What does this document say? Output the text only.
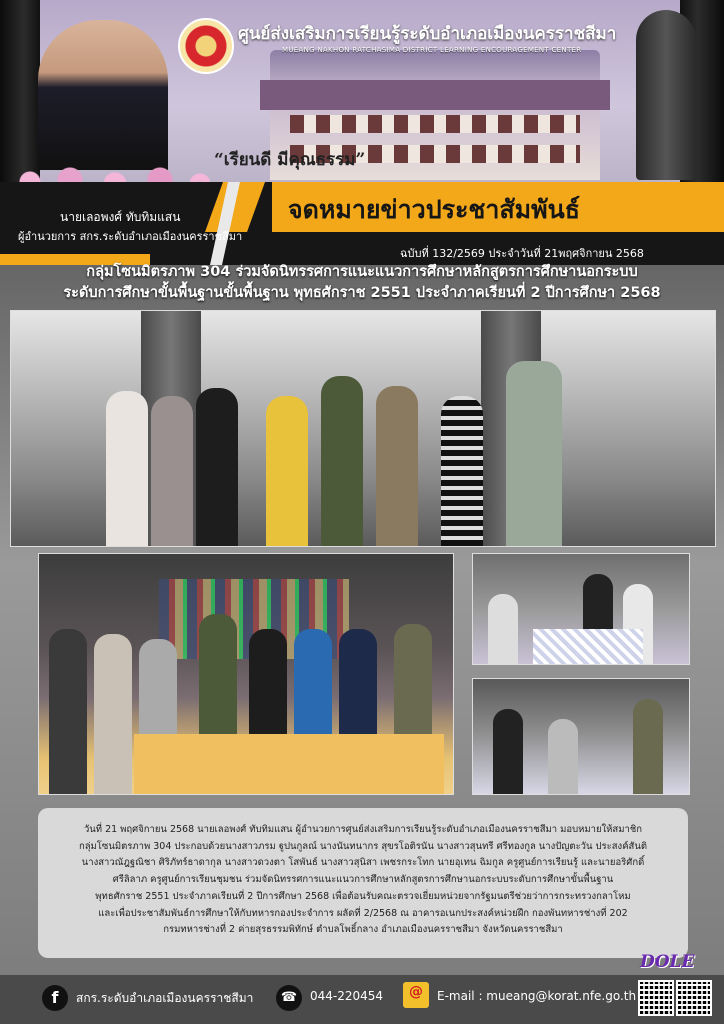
ศูนย์ส่งเสริมการเรียนรู้ระดับอำเภอเมืองนครราชสีมา
MUEANG NAKHON RATCHASIMA DISTRICT LEARNING ENCOURAGEMENT CENTER
“เรียนดี มีคุณธรรม”
จดหมายข่าวประชาสัมพันธ์
ฉบับที่ 132/2569 ประจำวันที่ 21พฤศจิกายน 2568
นายเลอพงศ์ ทับทิมแสน
ผู้อำนวยการ สกร.ระดับอำเภอเมืองนครราชสีมา
กลุ่มโซนมิตรภาพ 304 ร่วมจัดนิทรรศการแนะแนวการศึกษาหลักสูตรการศึกษานอกระบบ
ระดับการศึกษาขั้นพื้นฐานขั้นพื้นฐาน พุทธศักราช 2551 ประจำภาคเรียนที่ 2 ปีการศึกษา 2568
วันที่ 21 พฤศจิกายน 2568 นายเลอพงศ์ ทับทิมแสน ผู้อำนวยการศูนย์ส่งเสริมการเรียนรู้ระดับอำเภอเมืองนครราชสีมา มอบหมายให้สมาชิก
กลุ่มโซนมิตรภาพ 304 ประกอบด้วยนางสาวภรม ฐูปนกูลณ์ นางนันทนากร สุขรโอติรนัน นางสาวสุนทรี ศรีทองกูล นางปัญตะวัน ประสงค์สันติ
นางสาวณัฎฐณิชา ศิริภัทร์ธาดากุล นางสาวดวงตา โสพันธ์ นางสาวสุนิสา เพชรกระโทก นายอุเทน ฉิมกูล ครูศูนย์การเรียนรู้ และนายอริศักดิ์
ศรีลิลาภ ครูศูนย์การเรียนชุมชน ร่วมจัดนิทรรศการแนะแนวการศึกษาหลักสูตรการศึกษานอกระบบระดับการศึกษาขั้นพื้นฐาน
พุทธศักราช 2551 ประจำภาคเรียนที่ 2 ปีการศึกษา 2568 เพื่อต้อนรับคณะตรวจเยี่ยมหน่วยจากรัฐมนตรีช่วยว่าการกระทรวงกลาโหม
และเพื่อประชาสัมพันธ์การศึกษาให้กับทหารกองประจำการ ผลัดที่ 2/2568 ณ อาคารอเนกประสงค์หน่วยฝึก กองพันทหารช่างที่ 202
กรมทหารช่างที่ 2 ค่ายสุรธรรมพิทักษ์ ตำบลโพธิ์กลาง อำเภอเมืองนครราชสีมา จังหวัดนครราชสีมา
DOLE
f	สกร.ระดับอำเภอเมืองนครราชสีมา	☎	044-220454
@	E-mail : mueang@korat.nfe.go.th
